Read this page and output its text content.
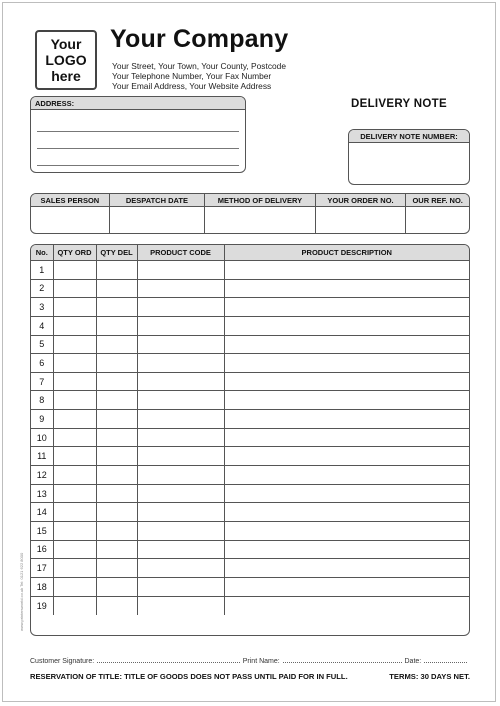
Your
LOGO
here
Your Company
Your Street, Your Town, Your County, Postcode
Your Telephone Number, Your Fax Number
Your Email Address, Your Website Address
ADDRESS:	DELIVERY NOTE
DELIVERY NOTE NUMBER:
SALES PERSON	DESPATCH DATE	METHOD OF DELIVERY	YOUR ORDER NO.	OUR REF. NO.
No.	QTY ORD	QTY DEL	PRODUCT CODE	PRODUCT DESCRIPTION
1				
2				
3				
4				
5				
6				
7				
8				
9				
10				
11				
12				
13				
14				
15				
16				
17				
18				
19				
Customer Signature:	Print Name:	Date:
RESERVATION OF TITLE: TITLE OF GOODS DOES NOT PASS UNTIL PAID FOR IN FULL.	TERMS: 30 DAYS NET.
www.printersworld.co.uk Tel: 0121 622 8000
